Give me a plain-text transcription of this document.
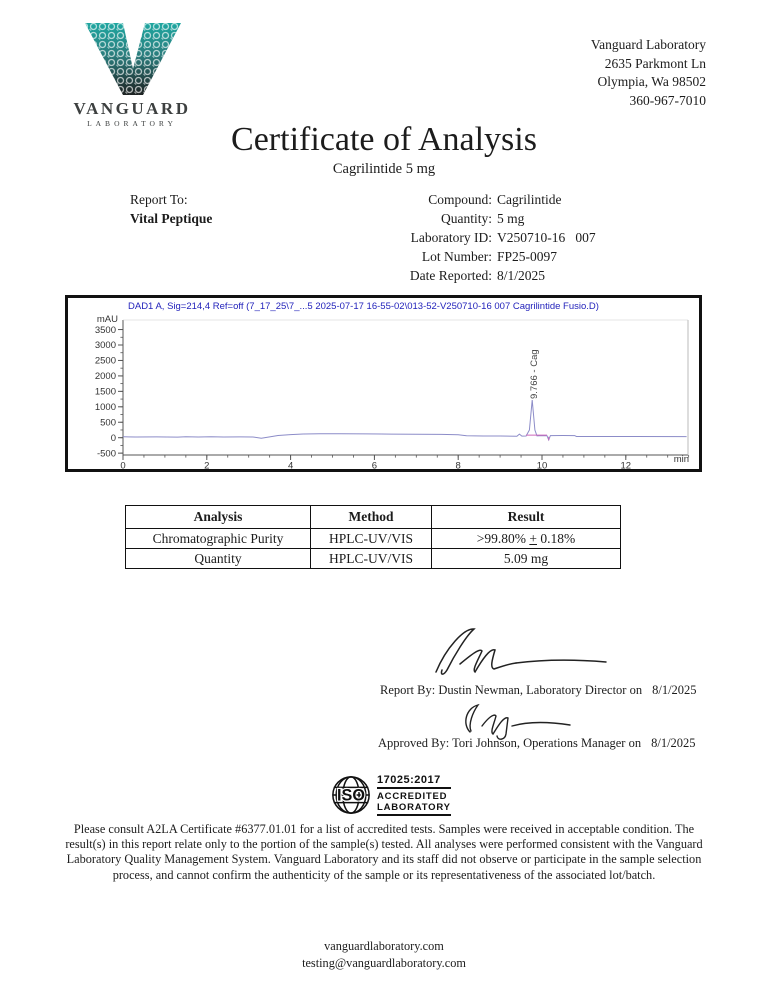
VANGUARD
LABORATORY
Vanguard Laboratory
2635 Parkmont Ln
Olympia, Wa 98502
360-967-7010
Certificate of Analysis
Cagrilintide 5 mg
Report To:
Vital Peptique
Compound: Cagrilintide
Quantity: 5 mg
Laboratory ID: V250710-16   007
Lot Number: FP25-0097
Date Reported: 8/1/2025
DAD1 A, Sig=214,4 Ref=off (7_17_25\7_...5 2025-07-17 16-55-02\013-52-V250710-16 007 Cagrilintide Fusio.D)
mAU
3500
3000
2500
2000
1500
1000
500
0
-500
0	2	4	6	8	10	12
9.766 - Cag
min
Analysis	Method	Result
Chromatographic Purity	HPLC-UV/VIS	>99.80% + 0.18%
Quantity	HPLC-UV/VIS	5.09 mg
Report By: Dustin Newman, Laboratory Director on 8/1/2025
Approved By: Tori Johnson, Operations Manager on 8/1/2025
ISO
17025:2017
ACCREDITED
LABORATORY
Please consult A2LA Certificate #6377.01.01 for a list of accredited tests. Samples were received in acceptable condition. The result(s) in this report relate only to the portion of the sample(s) tested. All analyses were performed consistent with the Vanguard Laboratory Quality Management System. Vanguard Laboratory and its staff did not observe or participate in the sample selection process, and cannot confirm the authenticity of the sample or its representativeness of the associated lot/batch.
vanguardlaboratory.com
testing@vanguardlaboratory.com
